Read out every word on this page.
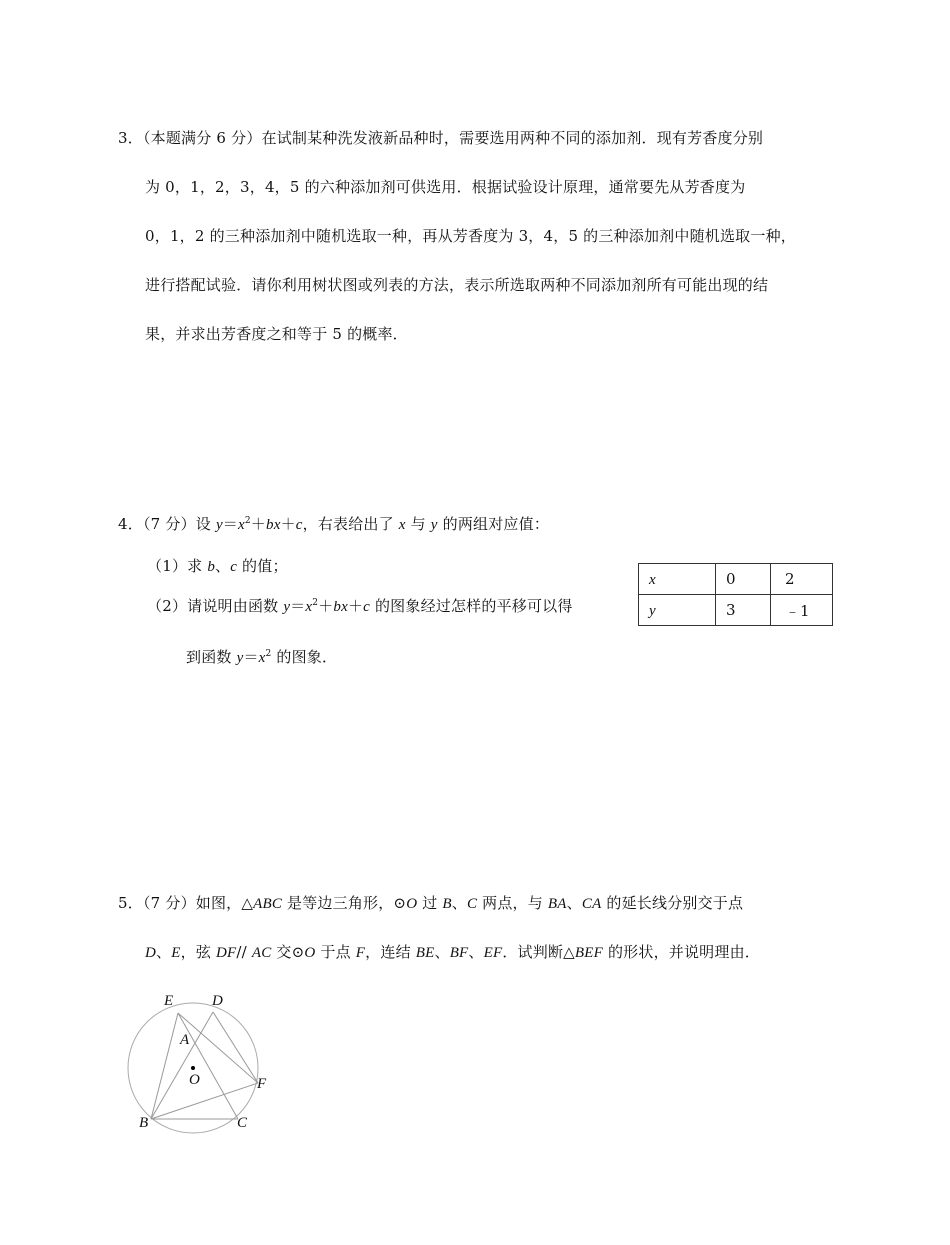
3．（本题满分 6 分）在试制某种洗发液新品种时，需要选用两种不同的添加剂．现有芳香度分别
为 0，1，2，3，4，5 的六种添加剂可供选用．根据试验设计原理，通常要先从芳香度为
0，1，2 的三种添加剂中随机选取一种，再从芳香度为 3，4，5 的三种添加剂中随机选取一种，
进行搭配试验．请你利用树状图或列表的方法，表示所选取两种不同添加剂所有可能出现的结
果，并求出芳香度之和等于 5 的概率．
4．（7 分）设 $y=x^2+bx+c$，右表给出了 x 与 y 的两组对应值：
（1）求 b、c 的值；
（2）请说明由函数 $y=x^2+bx+c$ 的图象经过怎样的平移可以得
到函数 $y=x^2$ 的图象．
x	0	2
y	3	﹣1
5．（7 分）如图，△ABC 是等边三角形，⊙O 过 B、C 两点，与 BA、CA 的延长线分别交于点
D、E，弦 DF// AC 交⊙O 于点 F，连结 BE、BF、EF．试判断△BEF 的形状，并说明理由．
E	D
A
O	F
B	C
